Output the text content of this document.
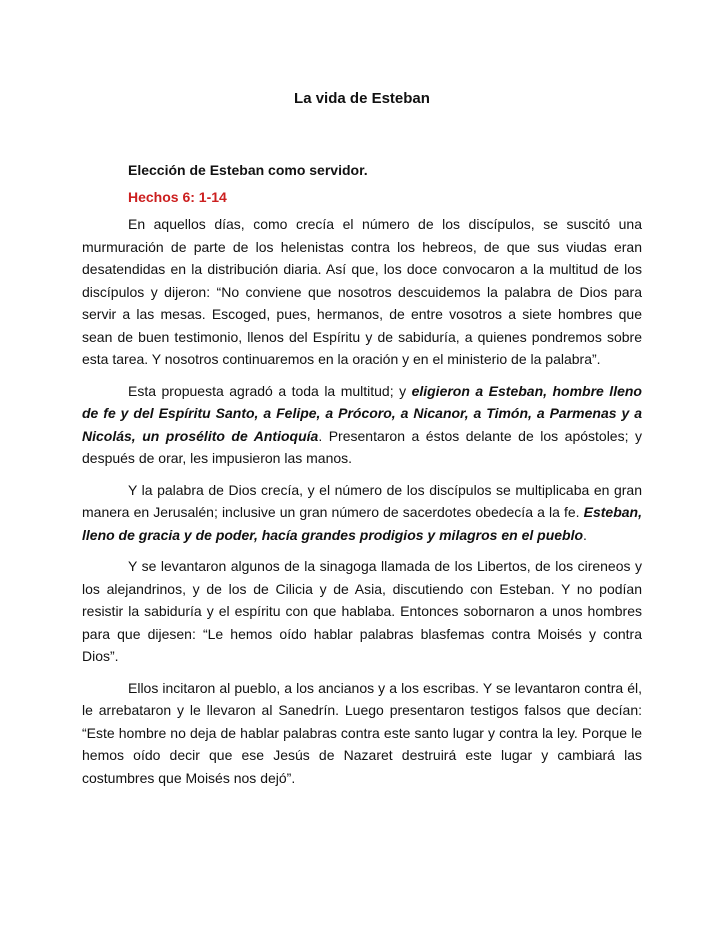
La vida de Esteban
Elección de Esteban como servidor.
Hechos 6: 1-14

En aquellos días, como crecía el número de los discípulos, se suscitó una murmuración de parte de los helenistas contra los hebreos, de que sus viudas eran desatendidas en la distribución diaria. Así que, los doce convocaron a la multitud de los discípulos y dijeron: “No conviene que nosotros descuidemos la palabra de Dios para servir a las mesas. Escoged, pues, hermanos, de entre vosotros a siete hombres que sean de buen testimonio, llenos del Espíritu y de sabiduría, a quienes pondremos sobre esta tarea. Y nosotros continuaremos en la oración y en el ministerio de la palabra”.

Esta propuesta agradó a toda la multitud; y eligieron a Esteban, hombre lleno de fe y del Espíritu Santo, a Felipe, a Prócoro, a Nicanor, a Timón, a Parmenas y a Nicolás, un prosélito de Antioquía. Presentaron a éstos delante de los apóstoles; y después de orar, les impusieron las manos.

Y la palabra de Dios crecía, y el número de los discípulos se multiplicaba en gran manera en Jerusalén; inclusive un gran número de sacerdotes obedecía a la fe. Esteban, lleno de gracia y de poder, hacía grandes prodigios y milagros en el pueblo.

Y se levantaron algunos de la sinagoga llamada de los Libertos, de los cireneos y los alejandrinos, y de los de Cilicia y de Asia, discutiendo con Esteban. Y no podían resistir la sabiduría y el espíritu con que hablaba. Entonces sobornaron a unos hombres para que dijesen: “Le hemos oído hablar palabras blasfemas contra Moisés y contra Dios”.

Ellos incitaron al pueblo, a los ancianos y a los escribas. Y se levantaron contra él, le arrebataron y le llevaron al Sanedrín. Luego presentaron testigos falsos que decían: “Este hombre no deja de hablar palabras contra este santo lugar y contra la ley. Porque le hemos oído decir que ese Jesús de Nazaret destruirá este lugar y cambiará las costumbres que Moisés nos dejó”.
